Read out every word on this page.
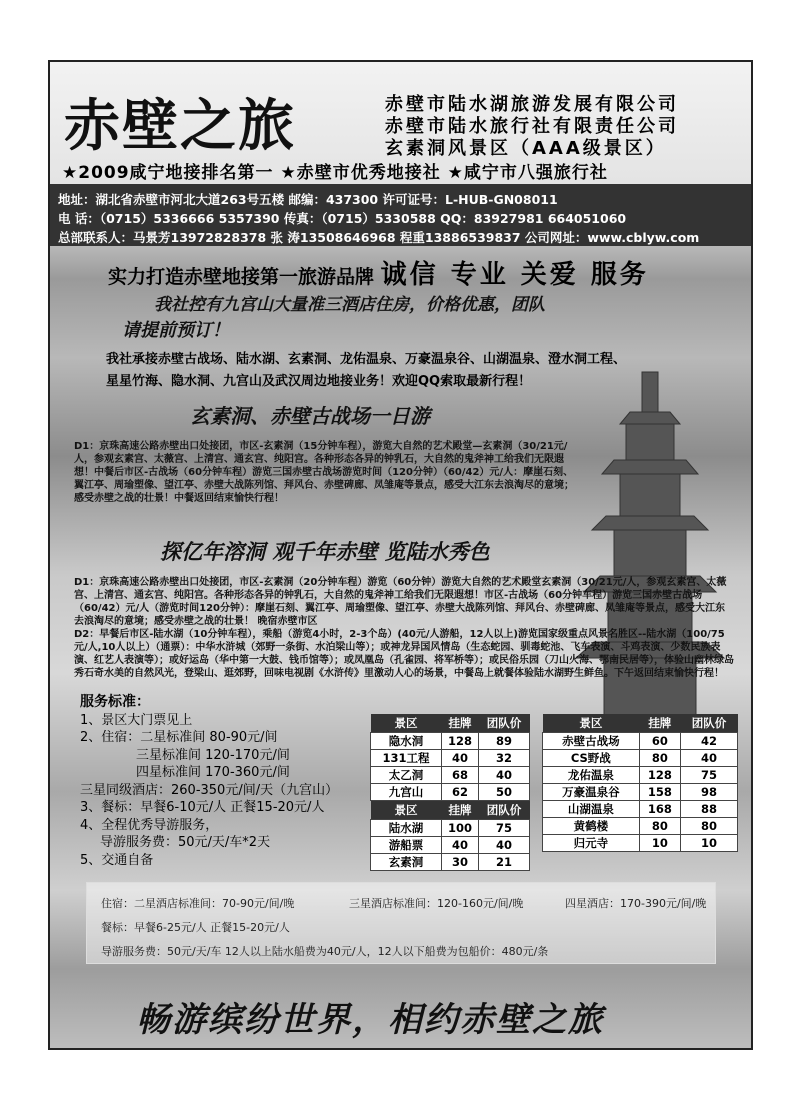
赤壁之旅	赤壁市陆水湖旅游发展有限公司
赤壁市陆水旅行社有限责任公司
玄素洞风景区（AAA级景区）
★2009咸宁地接排名第一 ★赤壁市优秀地接社 ★咸宁市八强旅行社
地址：湖北省赤壁市河北大道263号五楼 邮编：437300 许可证号：L-HUB-GN08011
电 话：（0715）5336666 5357390 传真：（0715）5330588 QQ：83927981 664051060
总部联系人：马景芳13972828378 张 涛13508646968 程重13886539837 公司网址：www.cblyw.com
实力打造赤壁地接第一旅游品牌 诚信 专业 关爱 服务
我社控有九宫山大量准三酒店住房，价格优惠，团队
请提前预订！
我社承接赤壁古战场、陆水湖、玄素洞、龙佑温泉、万豪温泉谷、山湖温泉、澄水洞工程、
星星竹海、隐水洞、九宫山及武汉周边地接业务！欢迎QQ索取最新行程！
玄素洞、赤壁古战场一日游
D1：京珠高速公路赤壁出口处接团，市区-玄素洞（15分钟车程），游览大自然的艺术殿堂—玄素洞（30/21元/人，参观玄素宫、太薇宫、上清宫、通玄宫、纯阳宫。各种形态各异的钟乳石，大自然的鬼斧神工给我们无限遐想！中餐后市区-古战场（60分钟车程）游览三国赤壁古战场游览时间（120分钟）（60/42）元/人：摩崖石刻、翼江亭、周瑜塑像、望江亭、赤壁大战陈列馆、拜风台、赤壁碑廊、凤雏庵等景点，感受大江东去浪淘尽的意境；感受赤壁之战的壮景！中餐返回结束愉快行程！
探亿年溶洞 观千年赤壁 览陆水秀色
D1：京珠高速公路赤壁出口处接团，市区-玄素洞（20分钟车程）游览（60分钟）游览大自然的艺术殿堂玄素洞（30/21元/人，参观玄素宫、太薇宫、上清宫、通玄宫、纯阳宫。各种形态各异的钟乳石，大自然的鬼斧神工给我们无限遐想！市区-古战场（60分钟车程）游览三国赤壁古战场（60/42）元/人（游览时间120分钟）：摩崖石刻、翼江亭、周瑜塑像、望江亭、赤壁大战陈列馆、拜风台、赤壁碑廊、凤雏庵等景点，感受大江东去浪淘尽的意境；感受赤壁之战的壮景！ 晚宿赤壁市区
D2：早餐后市区-陆水湖（10分钟车程），乘船（游览4小时，2-3个岛）(40元/人游船，12人以上)游览国家级重点风景名胜区--陆水湖（100/75元/人,10人以上）（通票）：中华水浒城（郊野一条街、水泊梁山等）；或神龙异国风情岛（生态蛇园、驯毒蛇池、飞车表演、斗鸡表演、少数民族表演、红艺人表演等）；或好运岛（华中第一大鼓、钱币馆等）；或凤凰岛（孔雀园、将军桥等）；或民俗乐园（刀山火海、鄂南民居等），体验山幽林绿岛秀石奇水美的自然风光，登梁山、逛郊野，回味电视剧《水浒传》里激动人心的场景，中餐岛上就餐体验陆水湖野生鲜鱼。下午返回结束愉快行程！
服务标准：
1、景区大门票见上
2、住宿：二星标准间 80-90元/间
三星标准间 120-170元/间
四星标准间 170-360元/间
三星同级酒店：260-350元/间/天（九宫山）
3、餐标：早餐6-10元/人 正餐15-20元/人
4、全程优秀导游服务，
导游服务费：50元/天/车*2天
5、交通自备
景区	挂牌	团队价
隐水洞	128	89
131工程	40	32
太乙洞	68	40
九宫山	62	50
景区	挂牌	团队价
陆水湖	100	75
游船票	40	40
玄素洞	30	21
景区	挂牌	团队价
赤壁古战场	60	42
CS野战	80	40
龙佑温泉	128	75
万豪温泉谷	158	98
山湖温泉	168	88
黄鹤楼	80	80
归元寺	10	10
住宿：二星酒店标准间：70-90元/间/晚	三星酒店标准间：120-160元/间/晚	四星酒店：170-390元/间/晚
餐标：早餐6-25元/人 正餐15-20元/人
导游服务费：50元/天/车 12人以上陆水船费为40元/人，12人以下船费为包船价：480元/条
畅游缤纷世界，相约赤壁之旅
